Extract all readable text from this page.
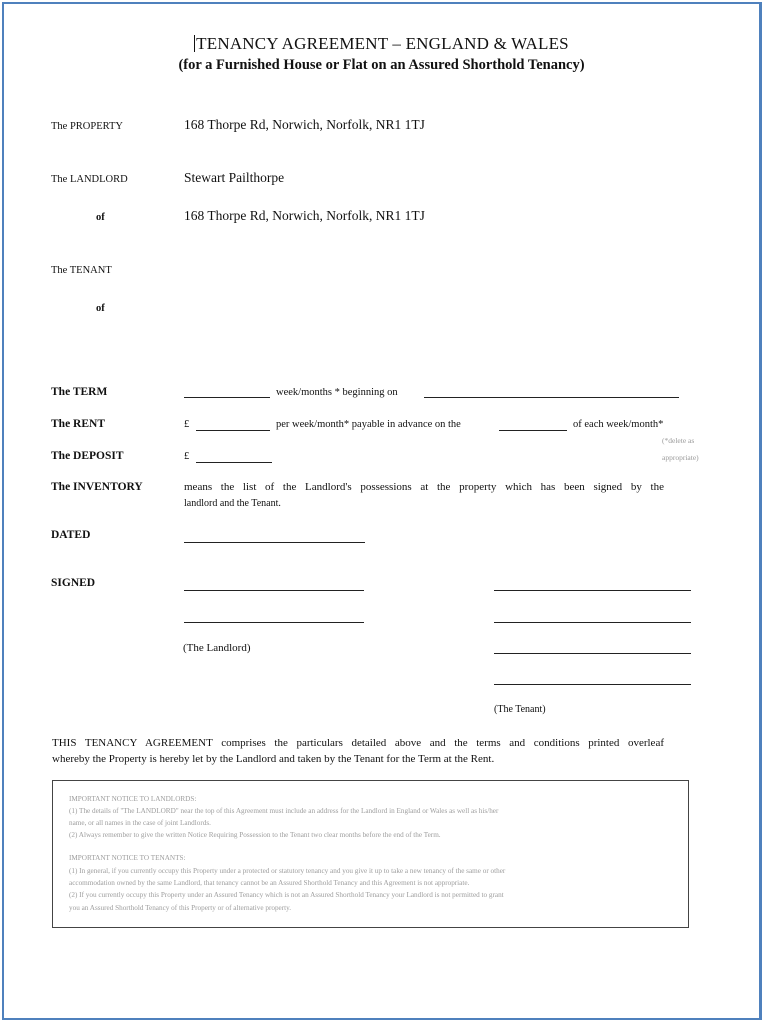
TENANCY AGREEMENT – ENGLAND & WALES
(for a Furnished House or Flat on an Assured Shorthold Tenancy)
The PROPERTY	168 Thorpe Rd, Norwich, Norfolk, NR1 1TJ
The LANDLORD	Stewart Pailthorpe
of	168 Thorpe Rd, Norwich, Norfolk, NR1 1TJ
The TENANT
of
The TERM	week/months * beginning on
The RENT	£	per week/month* payable in advance on the	of each week/month*
(*delete as
appropriate)
The DEPOSIT	£
The INVENTORY	means the list of the Landlord's possessions at the property which has been signed by the
landlord and the Tenant.
DATED
SIGNED
(The Landlord)
(The Tenant)
THIS TENANCY AGREEMENT comprises the particulars detailed above and the terms and conditions printed overleaf
whereby the Property is hereby let by the Landlord and taken by the Tenant for the Term at the Rent.
IMPORTANT NOTICE TO LANDLORDS:
(1) The details of "The LANDLORD" near the top of this Agreement must include an address for the Landlord in England or Wales as well as his/her
name, or all names in the case of joint Landlords.
(2) Always remember to give the written Notice Requiring Possession to the Tenant two clear months before the end of the Term.
IMPORTANT NOTICE TO TENANTS:
(1) In general, if you currently occupy this Property under a protected or statutory tenancy and you give it up to take a new tenancy of the same or other
accommodation owned by the same Landlord, that tenancy cannot be an Assured Shorthold Tenancy and this Agreement is not appropriate.
(2) If you currently occupy this Property under an Assured Tenancy which is not an Assured Shorthold Tenancy your Landlord is not permitted to grant
you an Assured Shorthold Tenancy of this Property or of alternative property.
